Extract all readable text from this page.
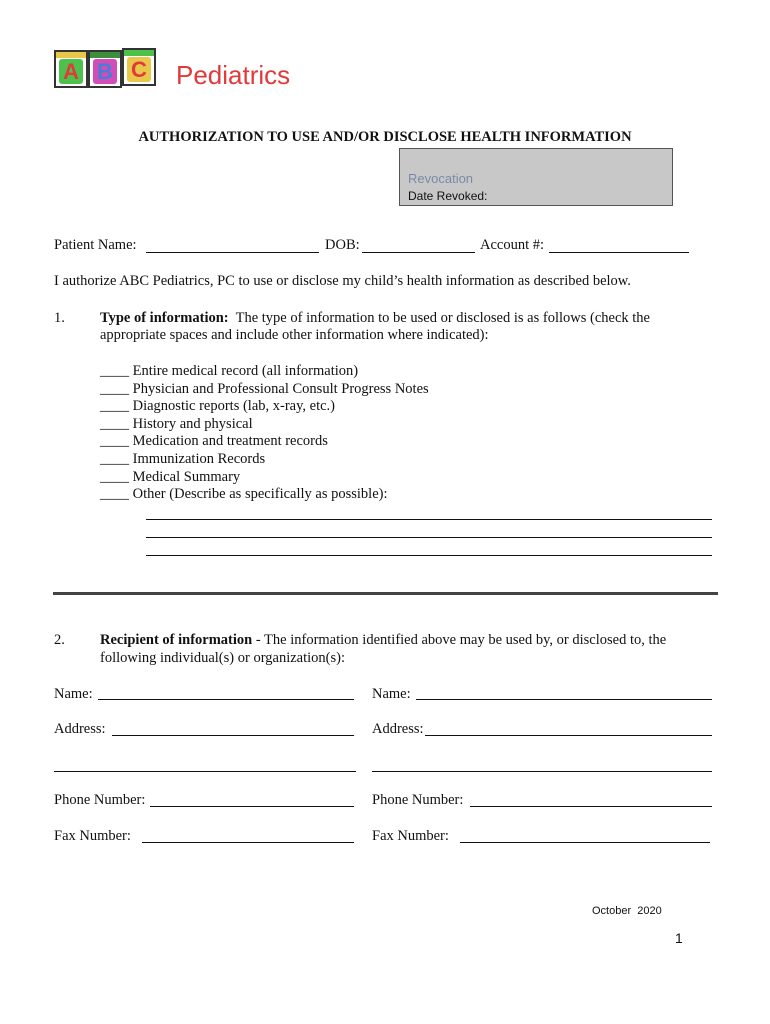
A B C Pediatrics
AUTHORIZATION TO USE AND/OR DISCLOSE HEALTH INFORMATION
Revocation
Date Revoked:
Patient Name:	DOB:	Account #:
I authorize ABC Pediatrics, PC to use or disclose my child’s health information as described below.
1. Type of information:  The type of information to be used or disclosed is as follows (check the
appropriate spaces and include other information where indicated):
____ Entire medical record (all information)
____ Physician and Professional Consult Progress Notes
____ Diagnostic reports (lab, x-ray, etc.)
____ History and physical
____ Medication and treatment records
____ Immunization Records
____ Medical Summary
____ Other (Describe as specifically as possible):
2. Recipient of information - The information identified above may be used by, or disclosed to, the
following individual(s) or organization(s):
Name:
Address:
Phone Number:
Fax Number:
Name:
Address:
Phone Number:
Fax Number:
October  2020
1
